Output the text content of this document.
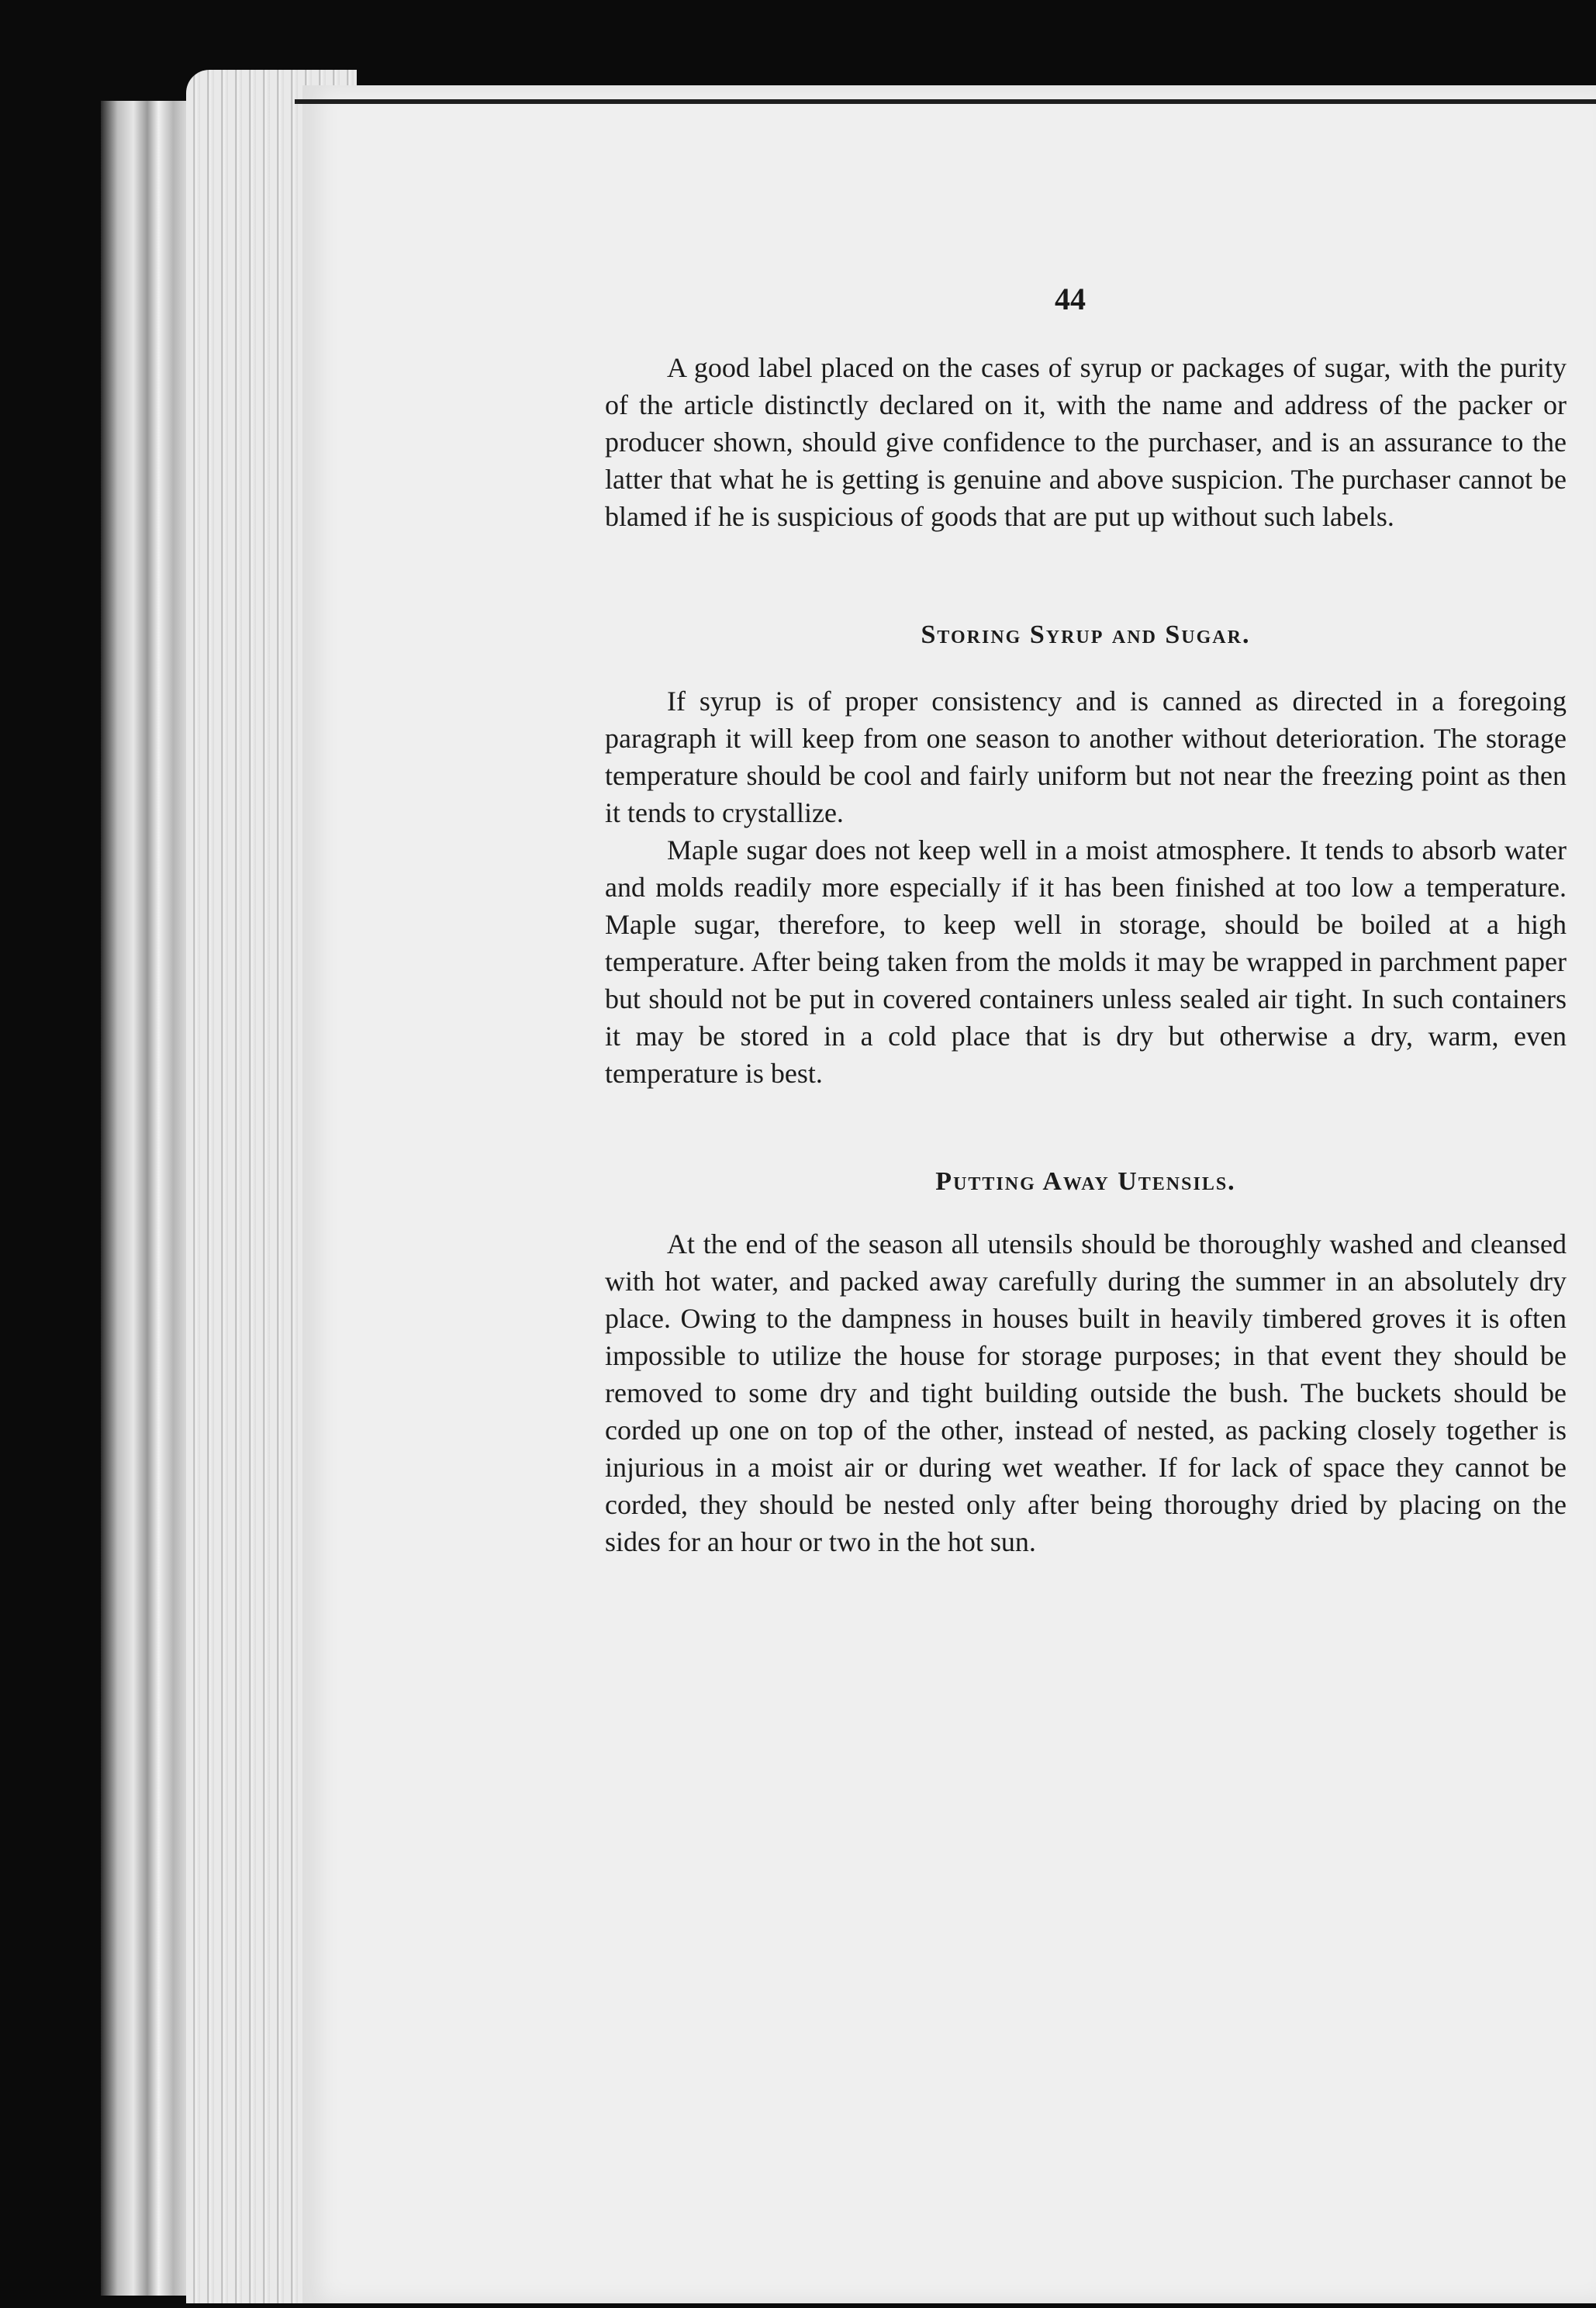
44

A good label placed on the cases of syrup or packages of sugar, with the purity of the article distinctly declared on it, with the name and address of the packer or producer shown, should give confidence to the purchaser, and is an assurance to the latter that what he is getting is genuine and above suspicion. The purchaser cannot be blamed if he is suspicious of goods that are put up without such labels.

Storing Syrup and Sugar.

If syrup is of proper consistency and is canned as directed in a foregoing paragraph it will keep from one season to another without deterioration. The storage temperature should be cool and fairly uniform but not near the freezing point as then it tends to crystallize.

Maple sugar does not keep well in a moist atmosphere. It tends to absorb water and molds readily more especially if it has been finished at too low a temperature. Maple sugar, therefore, to keep well in storage, should be boiled at a high temperature. After being taken from the molds it may be wrapped in parchment paper but should not be put in covered containers unless sealed air tight. In such containers it may be stored in a cold place that is dry but otherwise a dry, warm, even temperature is best.

Putting Away Utensils.

At the end of the season all utensils should be thoroughly washed and cleansed with hot water, and packed away carefully during the summer in an absolutely dry place. Owing to the dampness in houses built in heavily timbered groves it is often impossible to utilize the house for storage purposes; in that event they should be removed to some dry and tight building outside the bush. The buckets should be corded up one on top of the other, instead of nested, as packing closely together is injurious in a moist air or during wet weather. If for lack of space they cannot be corded, they should be nested only after being thoroughy dried by placing on the sides for an hour or two in the hot sun.
